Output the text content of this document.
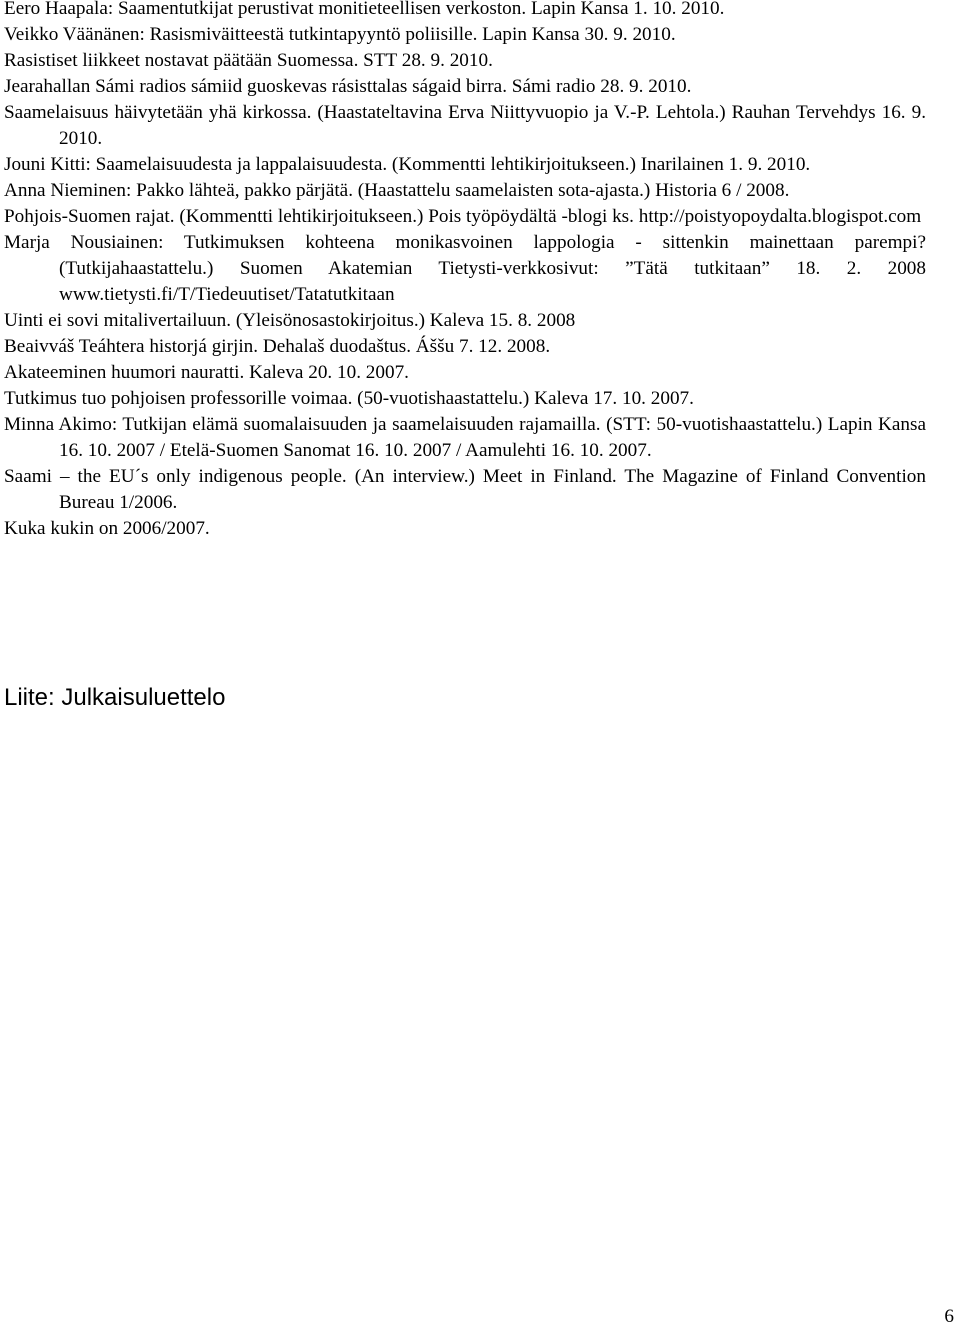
Eero Haapala: Saamentutkijat perustivat monitieteellisen verkoston. Lapin Kansa 1. 10. 2010.

Veikko Väänänen: Rasismiväitteestä tutkintapyyntö poliisille. Lapin Kansa 30. 9. 2010.

Rasistiset liikkeet nostavat päätään Suomessa. STT 28. 9. 2010.

Jearahallan Sámi radios sámiid guoskevas rásisttalas ságaid birra. Sámi radio 28. 9. 2010.

Saamelaisuus häivytetään yhä kirkossa. (Haastateltavina Erva Niittyvuopio ja V.-P. Lehtola.) Rauhan Tervehdys 16. 9. 2010.

Jouni Kitti: Saamelaisuudesta ja lappalaisuudesta. (Kommentti lehtikirjoitukseen.) Inarilainen 1. 9. 2010.

Anna Nieminen: Pakko lähteä, pakko pärjätä. (Haastattelu saamelaisten sota-ajasta.) Historia 6 / 2008.

Pohjois-Suomen rajat. (Kommentti lehtikirjoitukseen.) Pois työpöydältä -blogi ks. http://poistyopoydalta.blogispot.com

Marja Nousiainen: Tutkimuksen kohteena monikasvoinen lappologia - sittenkin mainettaan parempi? (Tutkijahaastattelu.) Suomen Akatemian Tietysti-verkkosivut: ”Tätä tutkitaan” 18. 2. 2008 www.tietysti.fi/T/Tiedeuutiset/Tatatutkitaan

Uinti ei sovi mitalivertailuun. (Yleisönosastokirjoitus.) Kaleva 15. 8. 2008

Beaivváš Teáhtera historjá girjin. Dehalaš duodaštus. Áššu 7. 12. 2008.

Akateeminen huumori nauratti. Kaleva 20. 10. 2007.

Tutkimus tuo pohjoisen professorille voimaa. (50-vuotishaastattelu.) Kaleva 17. 10. 2007.

Minna Akimo: Tutkijan elämä suomalaisuuden ja saamelaisuuden rajamailla. (STT: 50-vuotishaastattelu.) Lapin Kansa 16. 10. 2007 / Etelä-Suomen Sanomat 16. 10. 2007 / Aamulehti 16. 10. 2007.

Saami – the EU´s only indigenous people. (An interview.) Meet in Finland. The Magazine of Finland Convention Bureau 1/2006.

Kuka kukin on 2006/2007.

Liite: Julkaisuluettelo
6
